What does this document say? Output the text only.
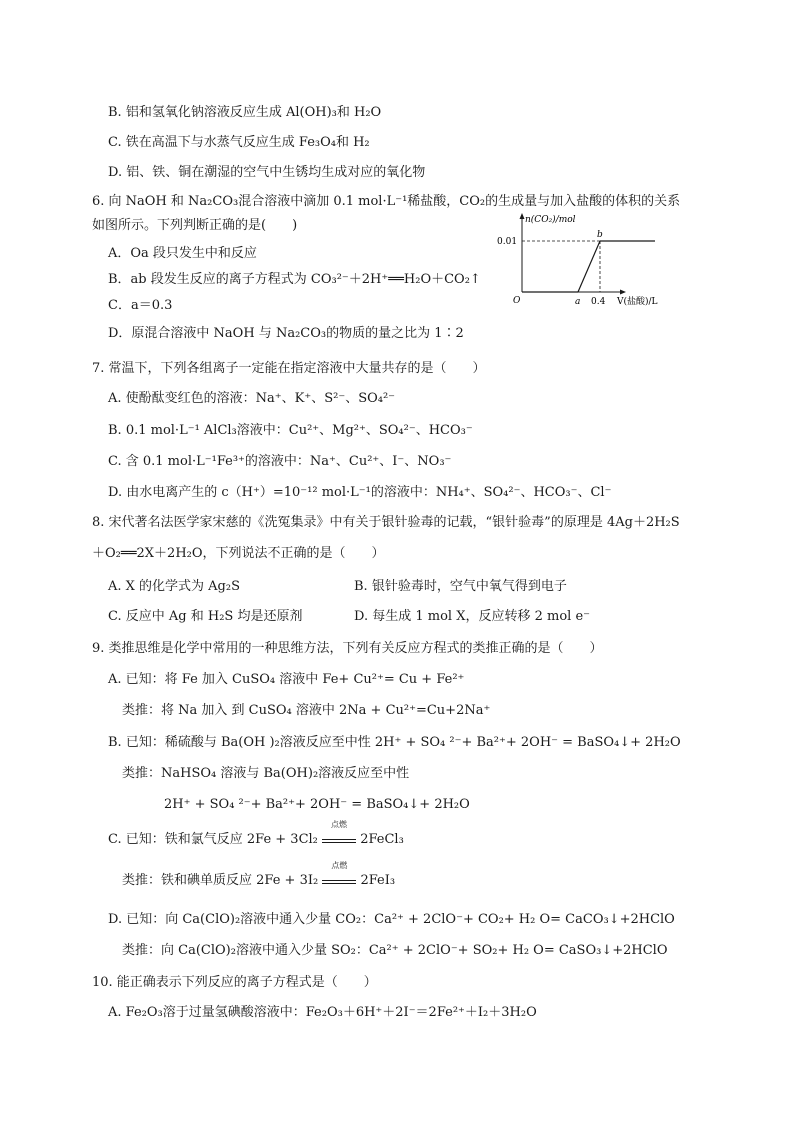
B. 铝和氢氧化钠溶液反应生成 Al(OH)₃和 H₂O
C. 铁在高温下与水蒸气反应生成 Fe₃O₄和 H₂
D. 铝、铁、铜在潮湿的空气中生锈均生成对应的氧化物
6. 向 NaOH 和 Na₂CO₃混合溶液中滴加 0.1 mol·L⁻¹稀盐酸，CO₂的生成量与加入盐酸的体积的关系
如图所示。下列判断正确的是(　　)
A．Oa 段只发生中和反应
B．ab 段发生反应的离子方程式为 CO₃²⁻＋2H⁺══H₂O＋CO₂↑
C．a＝0.3
D．原混合溶液中 NaOH 与 Na₂CO₃的物质的量之比为 1∶2
n(CO₂)/mol
0.01
O	a 0.4
b
V(盐酸)/L
7. 常温下，下列各组离子一定能在指定溶液中大量共存的是（　　）
A. 使酚酞变红色的溶液：Na⁺、K⁺、S²⁻、SO₄²⁻
B. 0.1 mol·L⁻¹ AlCl₃溶液中：Cu²⁺、Mg²⁺、SO₄²⁻、HCO₃⁻
C. 含 0.1 mol·L⁻¹Fe³⁺的溶液中：Na⁺、Cu²⁺、I⁻、NO₃⁻
D. 由水电离产生的 c（H⁺）=10⁻¹² mol·L⁻¹的溶液中：NH₄⁺、SO₄²⁻、HCO₃⁻、Cl⁻
8. 宋代著名法医学家宋慈的《洗冤集录》中有关于银针验毒的记载，“银针验毒”的原理是 4Ag＋2H₂S
＋O₂══2X＋2H₂O，下列说法不正确的是（　　）
A. X 的化学式为 Ag₂S	B. 银针验毒时，空气中氧气得到电子
C. 反应中 Ag 和 H₂S 均是还原剂	D. 每生成 1 mol X，反应转移 2 mol e⁻
9. 类推思维是化学中常用的一种思维方法，下列有关反应方程式的类推正确的是（　　）
A. 已知：将 Fe 加入 CuSO₄ 溶液中 Fe+ Cu²⁺= Cu + Fe²⁺
类推：将 Na 加入 到 CuSO₄ 溶液中 2Na + Cu²⁺=Cu+2Na⁺
B. 已知：稀硫酸与 Ba(OH )₂溶液反应至中性 2H⁺ + SO₄ ²⁻+ Ba²⁺+ 2OH⁻ = BaSO₄↓+ 2H₂O
类推：NaHSO₄ 溶液与 Ba(OH)₂溶液反应至中性
2H⁺ + SO₄ ²⁻+ Ba²⁺+ 2OH⁻ = BaSO₄↓+ 2H₂O
C. 已知：铁和氯气反应 2Fe + 3Cl₂
点燃
2FeCl₃
类推：铁和碘单质反应 2Fe + 3I₂
点燃
2FeI₃
D. 已知：向 Ca(ClO)₂溶液中通入少量 CO₂：Ca²⁺ + 2ClO⁻+ CO₂+ H₂ O= CaCO₃↓+2HClO
类推：向 Ca(ClO)₂溶液中通入少量 SO₂：Ca²⁺ + 2ClO⁻+ SO₂+ H₂ O= CaSO₃↓+2HClO
10. 能正确表示下列反应的离子方程式是（　　）
A. Fe₂O₃溶于过量氢碘酸溶液中：Fe₂O₃＋6H⁺＋2I⁻＝2Fe²⁺＋I₂＋3H₂O
